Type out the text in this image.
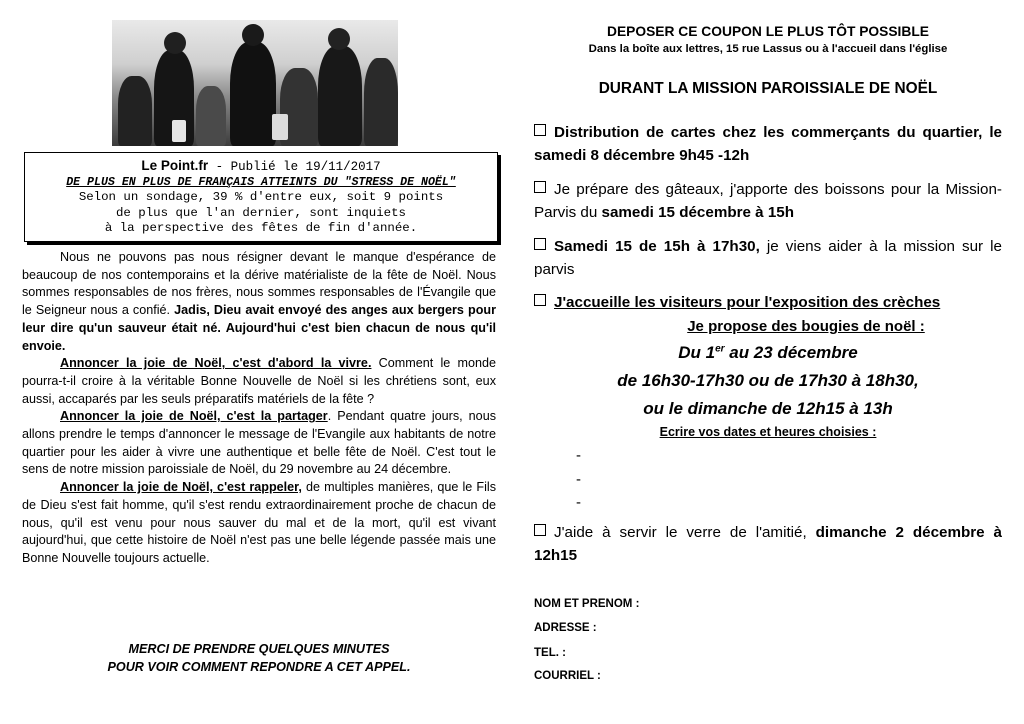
Le Point.fr - Publié le 19/11/2017
DE PLUS EN PLUS DE FRANÇAIS ATTEINTS DU "STRESS DE NOËL"
Selon un sondage, 39 % d'entre eux, soit 9 points
de plus que l'an dernier, sont inquiets
à la perspective des fêtes de fin d'année.

Nous ne pouvons pas nous résigner devant le manque d'espérance de beaucoup de nos contemporains et la dérive matérialiste de la fête de Noël. Nous sommes responsables de nos frères, nous sommes responsables de l'Évangile que le Seigneur nous a confié. Jadis, Dieu avait envoyé des anges aux bergers pour leur dire qu'un sauveur était né. Aujourd'hui c'est bien chacun de nous qu'il envoie.

Annoncer la joie de Noël, c'est d'abord la vivre. Comment le monde pourra-t-il croire à la véritable Bonne Nouvelle de Noël si les chrétiens sont, eux aussi, accaparés par les seuls préparatifs matériels de la fête ?

Annoncer la joie de Noël, c'est la partager. Pendant quatre jours, nous allons prendre le temps d'annoncer le message de l'Evangile aux habitants de notre quartier pour les aider à vivre une authentique et belle fête de Noël. C'est tout le sens de notre mission paroissiale de Noël, du 29 novembre au 24 décembre.

Annoncer la joie de Noël, c'est rappeler, de multiples manières, que le Fils de Dieu s'est fait homme, qu'il s'est rendu extraordinairement proche de chacun de nous, qu'il est venu pour nous sauver du mal et de la mort, qu'il est vivant aujourd'hui, que cette histoire de Noël n'est pas une belle légende passée mais une Bonne Nouvelle toujours actuelle.

MERCI DE PRENDRE QUELQUES MINUTES
POUR VOIR COMMENT REPONDRE A CET APPEL.
DEPOSER CE COUPON LE PLUS TÔT POSSIBLE
Dans la boîte aux lettres, 15 rue Lassus ou à l'accueil dans l'église
DURANT LA MISSION PAROISSIALE DE NOËL
Distribution de cartes chez les commerçants du quartier, le samedi 8 décembre 9h45 -12h
Je prépare des gâteaux, j'apporte des boissons pour la Mission-Parvis du samedi 15 décembre à 15h
Samedi 15 de 15h à 17h30, je viens aider à la mission sur le parvis
J'accueille les visiteurs pour l'exposition des crèches
Je propose des bougies de noël :
Du 1er au 23 décembre
de 16h30-17h30 ou de 17h30 à 18h30,
ou le dimanche de 12h15 à 13h
Ecrire vos dates et heures choisies :
-
-
-
J'aide à servir le verre de l'amitié, dimanche 2 décembre à 12h15
NOM ET PRENOM :
ADRESSE :
TEL. :
COURRIEL :
